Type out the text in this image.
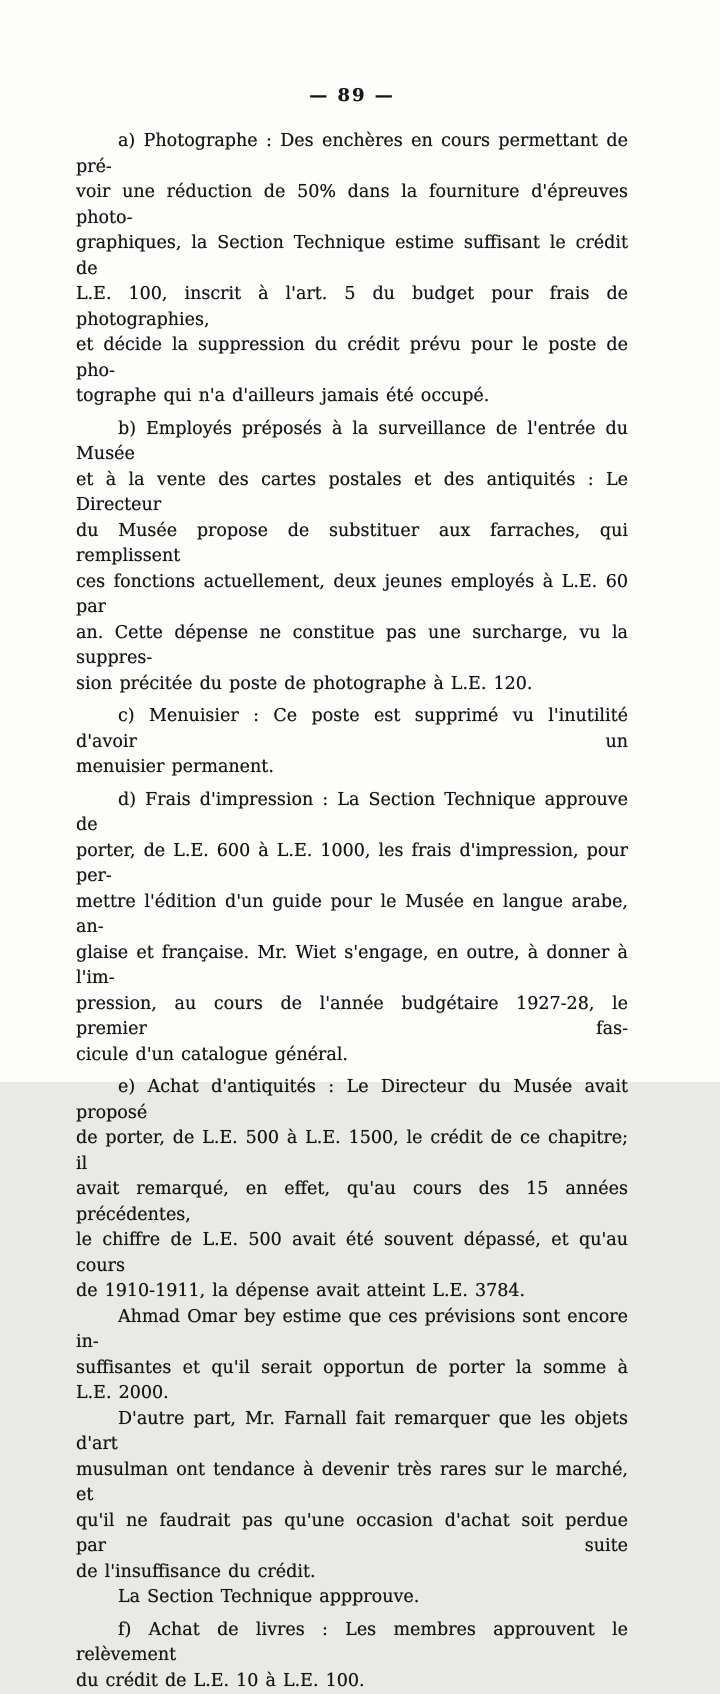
— 89 —

a) Photographe : Des enchères en cours permettant de pré-
voir une réduction de 50% dans la fourniture d'épreuves photo-
graphiques, la Section Technique estime suffisant le crédit de
L.E. 100, inscrit à l'art. 5 du budget pour frais de photographies,
et décide la suppression du crédit prévu pour le poste de pho-
tographe qui n'a d'ailleurs jamais été occupé.

b) Employés préposés à la surveillance de l'entrée du Musée
et à la vente des cartes postales et des antiquités : Le Directeur
du Musée propose de substituer aux farraches, qui remplissent
ces fonctions actuellement, deux jeunes employés à L.E. 60 par
an. Cette dépense ne constitue pas une surcharge, vu la suppres-
sion précitée du poste de photographe à L.E. 120.

c) Menuisier : Ce poste est supprimé vu l'inutilité d'avoir un
menuisier permanent.

d) Frais d'impression : La Section Technique approuve de
porter, de L.E. 600 à L.E. 1000, les frais d'impression, pour per-
mettre l'édition d'un guide pour le Musée en langue arabe, an-
glaise et française. Mr. Wiet s'engage, en outre, à donner à l'im-
pression, au cours de l'année budgétaire 1927-28, le premier fas-
cicule d'un catalogue général.

e) Achat d'antiquités : Le Directeur du Musée avait proposé
de porter, de L.E. 500 à L.E. 1500, le crédit de ce chapitre; il
avait remarqué, en effet, qu'au cours des 15 années précédentes,
le chiffre de L.E. 500 avait été souvent dépassé, et qu'au cours
de 1910-1911, la dépense avait atteint L.E. 3784.

Ahmad Omar bey estime que ces prévisions sont encore in-
suffisantes et qu'il serait opportun de porter la somme à L.E. 2000.

D'autre part, Mr. Farnall fait remarquer que les objets d'art
musulman ont tendance à devenir très rares sur le marché, et
qu'il ne faudrait pas qu'une occasion d'achat soit perdue par suite
de l'insuffisance du crédit.

La Section Technique appprouve.

f) Achat de livres : Les membres approuvent le relèvement
du crédit de L.E. 10 à L.E. 100.
